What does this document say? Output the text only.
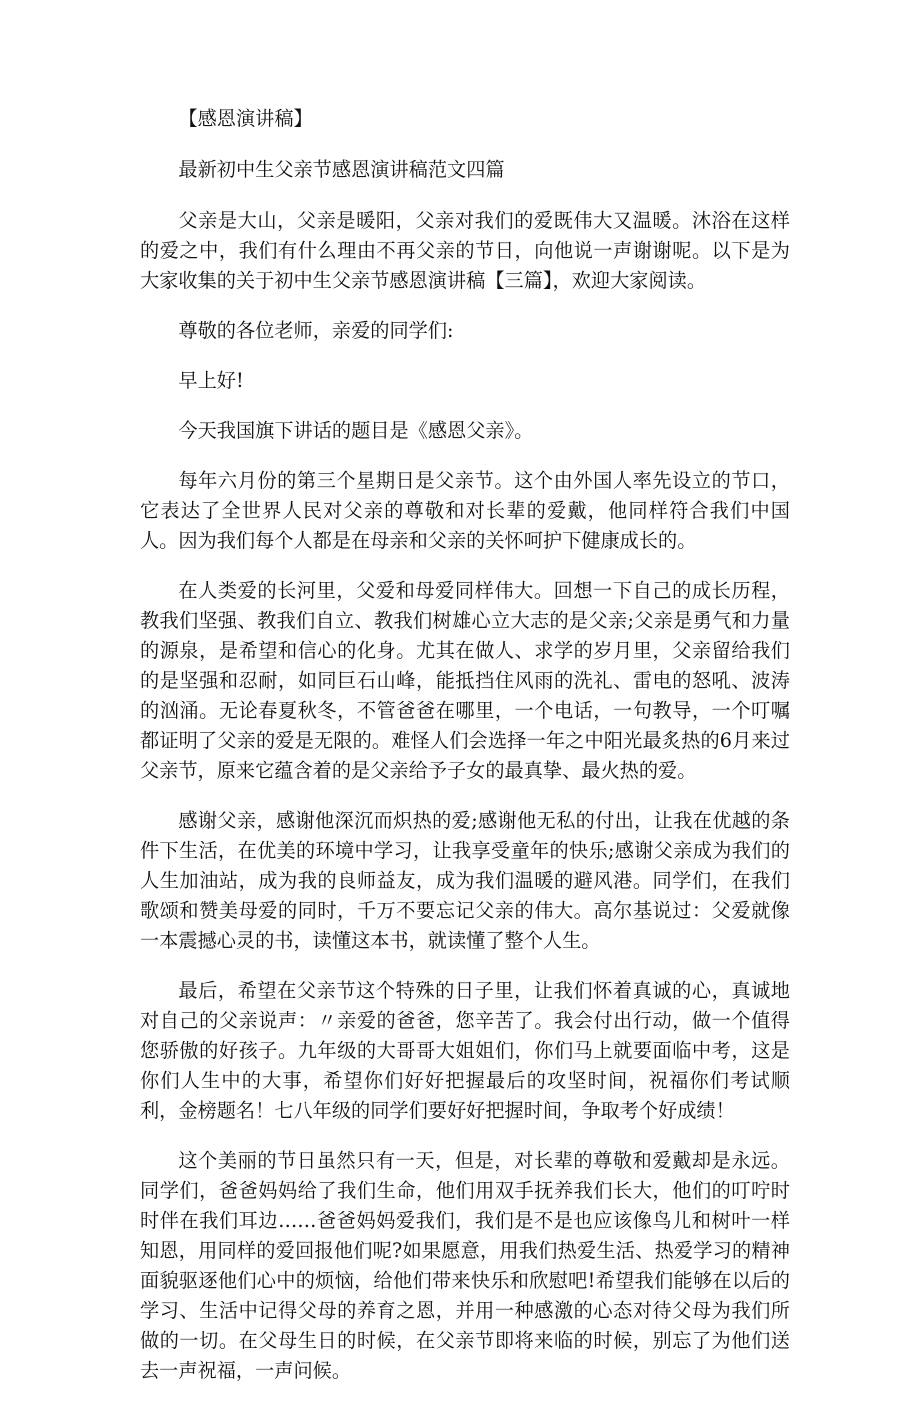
【感恩演讲稿】

最新初中生父亲节感恩演讲稿范文四篇

父亲是大山，父亲是暖阳，父亲对我们的爱既伟大又温暖。沐浴在这样的爱之中，我们有什么理由不再父亲的节日，向他说一声谢谢呢。以下是为大家收集的关于初中生父亲节感恩演讲稿【三篇】，欢迎大家阅读。

尊敬的各位老师，亲爱的同学们:

早上好!

今天我国旗下讲话的题目是《感恩父亲》。

每年六月份的第三个星期日是父亲节。这个由外国人率先设立的节口，它表达了全世界人民对父亲的尊敬和对长辈的爱戴，他同样符合我们中国人。因为我们每个人都是在母亲和父亲的关怀呵护下健康成长的。

在人类爱的长河里，父爱和母爱同样伟大。回想一下自己的成长历程，教我们坚强、教我们自立、教我们树雄心立大志的是父亲;父亲是勇气和力量的源泉，是希望和信心的化身。尤其在做人、求学的岁月里，父亲留给我们的是坚强和忍耐，如同巨石山峰，能抵挡住风雨的洗礼、雷电的怒吼、波涛的汹涌。无论春夏秋冬，不管爸爸在哪里，一个电话，一句教导，一个叮嘱都证明了父亲的爱是无限的。难怪人们会选择一年之中阳光最炙热的6月来过父亲节，原来它蕴含着的是父亲给予子女的最真挚、最火热的爱。

感谢父亲，感谢他深沉而炽热的爱;感谢他无私的付出，让我在优越的条件下生活，在优美的环境中学习，让我享受童年的快乐;感谢父亲成为我们的人生加油站，成为我的良师益友，成为我们温暖的避风港。同学们，在我们歌颂和赞美母爱的同时，千万不要忘记父亲的伟大。高尔基说过：父爱就像一本震撼心灵的书，读懂这本书，就读懂了整个人生。

最后，希望在父亲节这个特殊的日子里，让我们怀着真诚的心，真诚地对自己的父亲说声：〃亲爱的爸爸，您辛苦了。我会付出行动，做一个值得您骄傲的好孩子。九年级的大哥哥大姐姐们，你们马上就要面临中考，这是你们人生中的大事，希望你们好好把握最后的攻坚时间，祝福你们考试顺利，金榜题名！七八年级的同学们要好好把握时间，争取考个好成绩！

这个美丽的节日虽然只有一天，但是，对长辈的尊敬和爱戴却是永远。同学们，爸爸妈妈给了我们生命，他们用双手抚养我们长大，他们的叮咛时时伴在我们耳边……爸爸妈妈爱我们，我们是不是也应该像鸟儿和树叶一样知恩，用同样的爱回报他们呢?如果愿意，用我们热爱生活、热爱学习的精神面貌驱逐他们心中的烦恼，给他们带来快乐和欣慰吧!希望我们能够在以后的学习、生活中记得父母的养育之恩，并用一种感激的心态对待父母为我们所做的一切。在父母生日的时候，在父亲节即将来临的时候，别忘了为他们送去一声祝福，一声问候。
